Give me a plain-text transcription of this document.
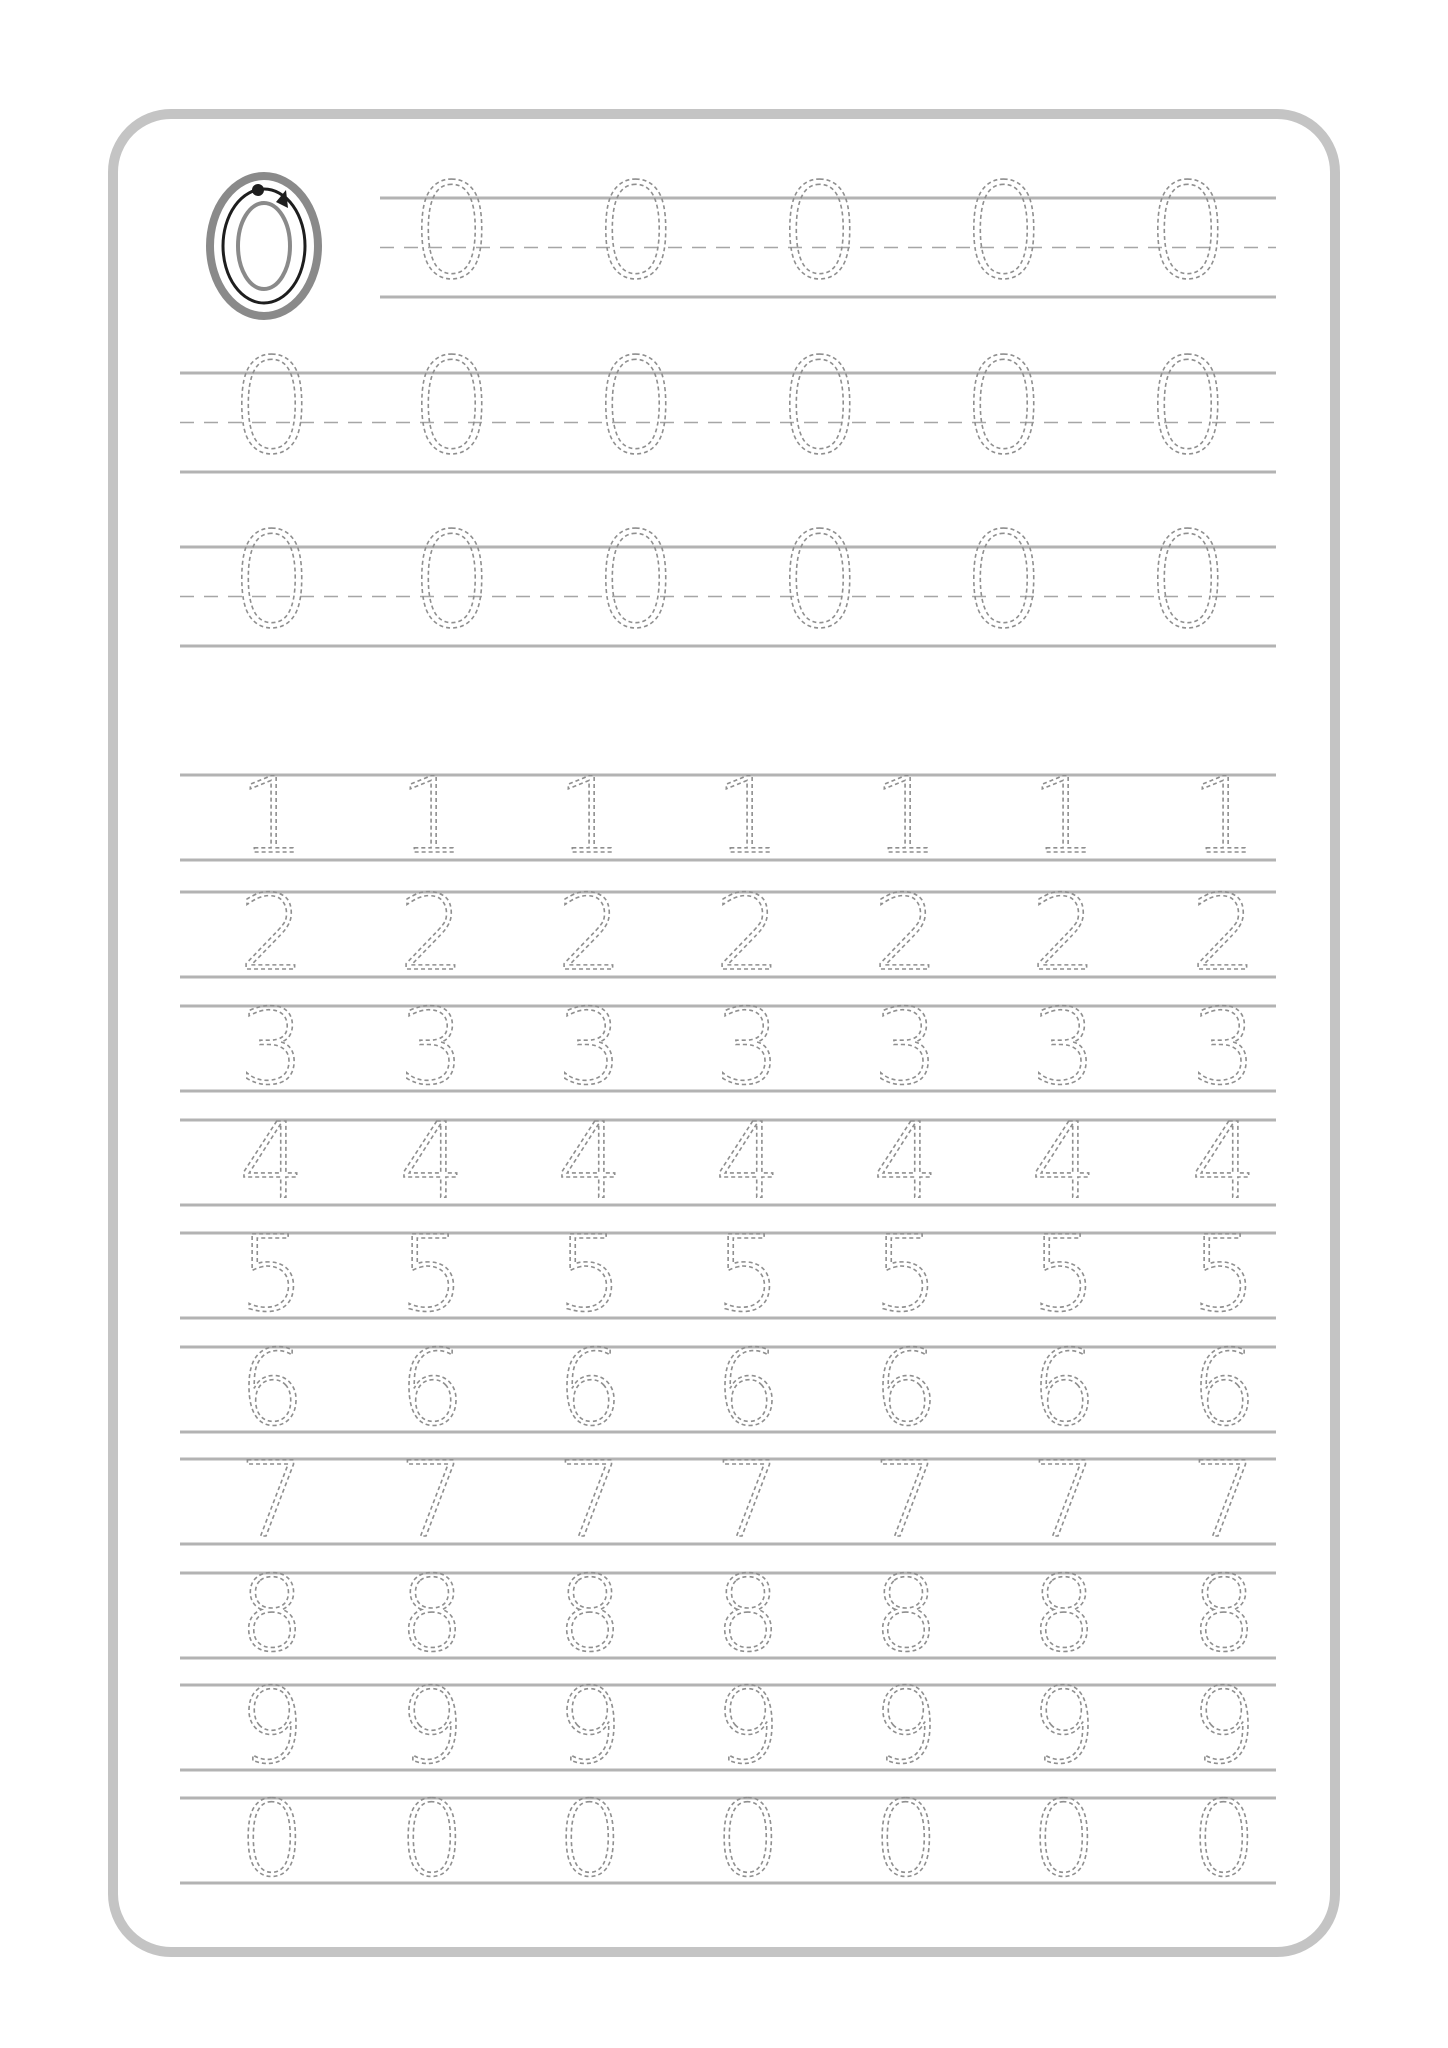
0 0 0 0 0
0 0 0 0 0 0
0 0 0 0 0 0
1 1 1 1 1 1 1
2 2 2 2 2 2 2
3 3 3 3 3 3 3
4 4 4 4 4 4 4
5 5 5 5 5 5 5
6 6 6 6 6 6 6
7 7 7 7 7 7 7
8 8 8 8 8 8 8
9 9 9 9 9 9 9
0 0 0 0 0 0 0
